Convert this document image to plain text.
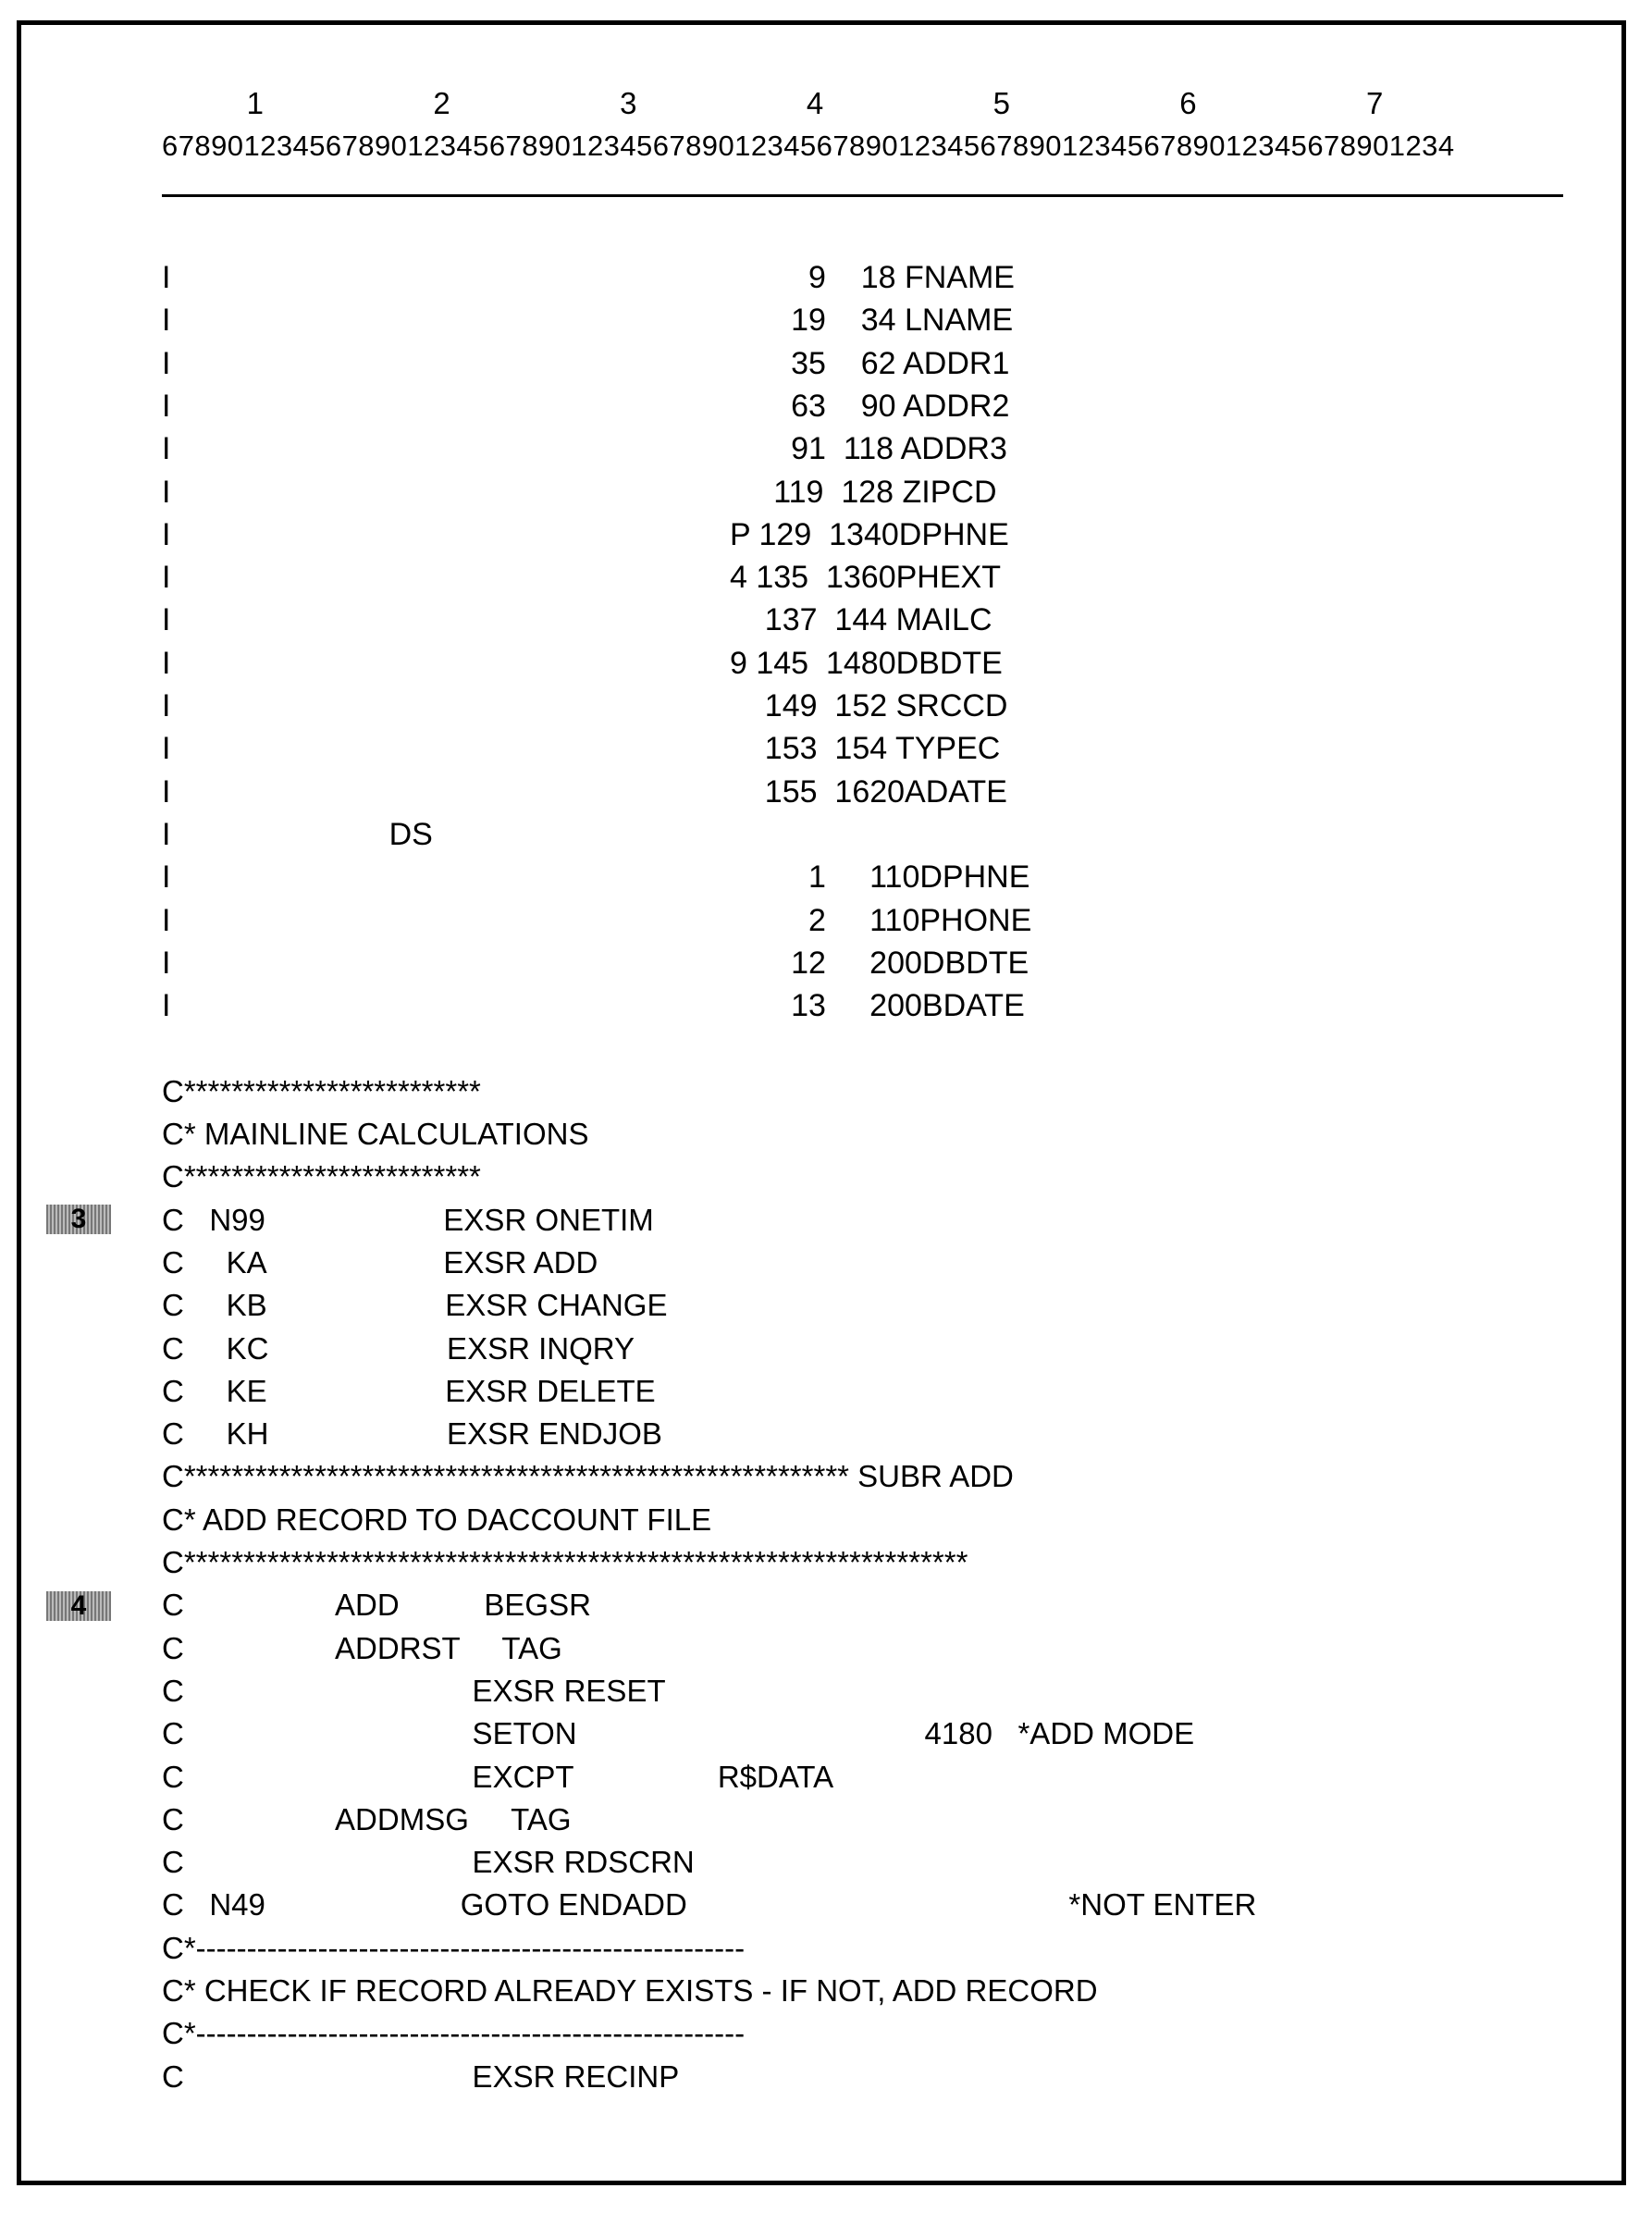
1                    2                    3                    4                    5                    6                    7
6789012345678901234567890123456789012345678901234567890123456789012345678901234
3
4
I                                                                         9    18 FNAME
I                                                                       19    34 LNAME
I                                                                       35    62 ADDR1
I                                                                       63    90 ADDR2
I                                                                       91  118 ADDR3
I                                                                     119  128 ZIPCD
I                                                                P 129  1340DPHNE
I                                                                4 135  1360PHEXT
I                                                                    137  144 MAILC
I                                                                9 145  1480DBDTE
I                                                                    149  152 SRCCD
I                                                                    153  154 TYPEC
I                                                                    155  1620ADATE
I                         DS
I                                                                         1     110DPHNE
I                                                                         2     110PHONE
I                                                                       12     200DBDTE
I                                                                       13     200BDATE
C*************************
C* MAINLINE CALCULATIONS
C*************************
C   N99                     EXSR ONETIM
C     KA                     EXSR ADD
C     KB                     EXSR CHANGE
C     KC                     EXSR INQRY
C     KE                     EXSR DELETE
C     KH                     EXSR ENDJOB
C******************************************************** SUBR ADD
C* ADD RECORD TO DACCOUNT FILE
C******************************************************************
C                  ADD          BEGSR
C                  ADDRST     TAG
C                                  EXSR RESET
C                                  SETON                                         4180   *ADD MODE
C                                  EXCPT                 R$DATA
C                  ADDMSG     TAG
C                                  EXSR RDSCRN
C   N49                       GOTO ENDADD                                             *NOT ENTER
C*------------------------------------------------------
C* CHECK IF RECORD ALREADY EXISTS - IF NOT, ADD RECORD
C*------------------------------------------------------
C                                  EXSR RECINP
